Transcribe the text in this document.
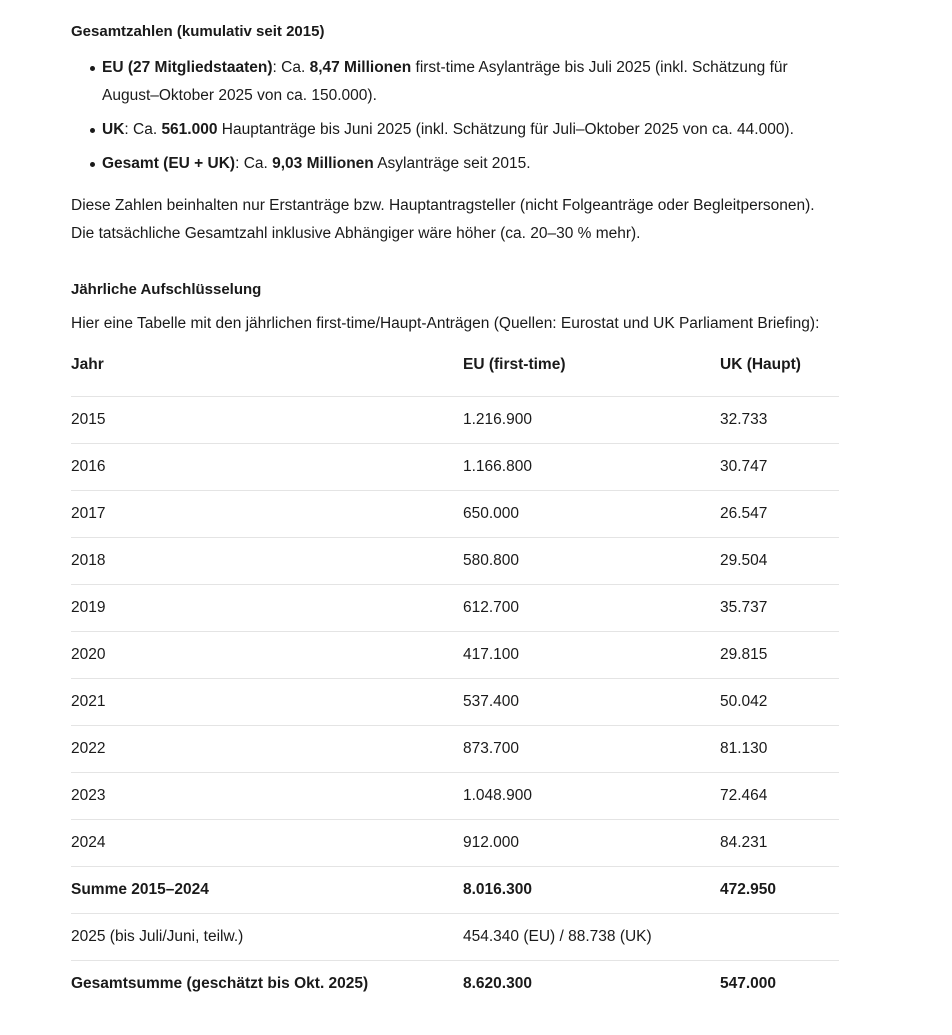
Gesamtzahlen (kumulativ seit 2015)
EU (27 Mitgliedstaaten): Ca. 8,47 Millionen first-time Asylanträge bis Juli 2025 (inkl. Schätzung für August–Oktober 2025 von ca. 150.000).
UK: Ca. 561.000 Hauptanträge bis Juni 2025 (inkl. Schätzung für Juli–Oktober 2025 von ca. 44.000).
Gesamt (EU + UK): Ca. 9,03 Millionen Asylanträge seit 2015.

Diese Zahlen beinhalten nur Erstanträge bzw. Hauptantragsteller (nicht Folgeanträge oder Begleitpersonen). Die tatsächliche Gesamtzahl inklusive Abhängiger wäre höher (ca. 20–30 % mehr).

Jährliche Aufschlüsselung

Hier eine Tabelle mit den jährlichen first-time/Haupt-Anträgen (Quellen: Eurostat und UK Parliament Briefing):

Jahr	EU (first-time)	UK (Haupt)
2015	1.216.900	32.733
2016	1.166.800	30.747
2017	650.000	26.547
2018	580.800	29.504
2019	612.700	35.737
2020	417.100	29.815
2021	537.400	50.042
2022	873.700	81.130
2023	1.048.900	72.464
2024	912.000	84.231
Summe 2015–2024	8.016.300	472.950
2025 (bis Juli/Juni, teilw.)	454.340 (EU) / 88.738 (UK)	
Gesamtsumme (geschätzt bis Okt. 2025)	8.620.300	547.000
